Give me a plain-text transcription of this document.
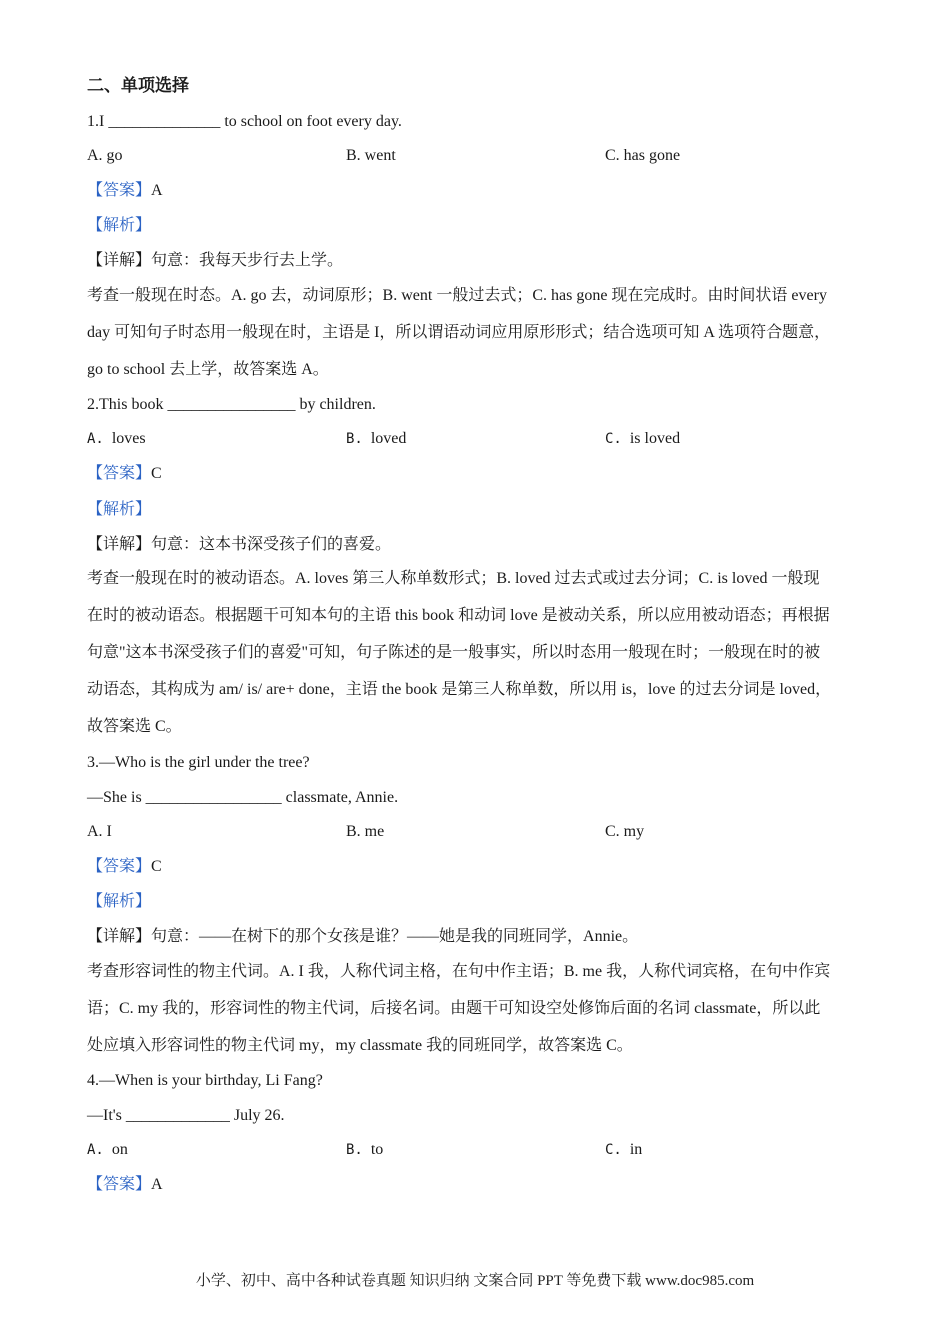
二、单项选择
1.I ______________ to school on foot every day.
A. go	B. went	C. has gone
【答案】A
【解析】
【详解】句意：我每天步行去上学。
考查一般现在时态。A. go 去，动词原形；B. went 一般过去式；C. has gone 现在完成时。由时间状语 every
day 可知句子时态用一般现在时，主语是 I，所以谓语动词应用原形形式；结合选项可知 A 选项符合题意，
go to school 去上学，故答案选 A。
2.This book ________________ by children.
A. loves	B. loved	C. is loved
【答案】C
【解析】
【详解】句意：这本书深受孩子们的喜爱。
考查一般现在时的被动语态。A. loves 第三人称单数形式；B. loved 过去式或过去分词；C. is loved 一般现
在时的被动语态。根据题干可知本句的主语 this book 和动词 love 是被动关系，所以应用被动语态；再根据
句意"这本书深受孩子们的喜爱"可知，句子陈述的是一般事实，所以时态用一般现在时；一般现在时的被
动语态，其构成为 am/ is/ are+ done，主语 the book 是第三人称单数，所以用 is，love 的过去分词是 loved，
故答案选 C。
3.—Who is the girl under the tree?
—She is _________________ classmate, Annie.
A. I	B. me	C. my
【答案】C
【解析】
【详解】句意：——在树下的那个女孩是谁？——她是我的同班同学，Annie。
考查形容词性的物主代词。A. I 我，人称代词主格，在句中作主语；B. me 我，人称代词宾格，在句中作宾
语；C. my 我的，形容词性的物主代词，后接名词。由题干可知设空处修饰后面的名词 classmate，所以此
处应填入形容词性的物主代词 my，my classmate 我的同班同学，故答案选 C。
4.—When is your birthday, Li Fang?
—It's _____________ July 26.
A. on	B. to	C. in
【答案】A
小学、初中、高中各种试卷真题 知识归纳 文案合同 PPT 等免费下载 www.doc985.com
